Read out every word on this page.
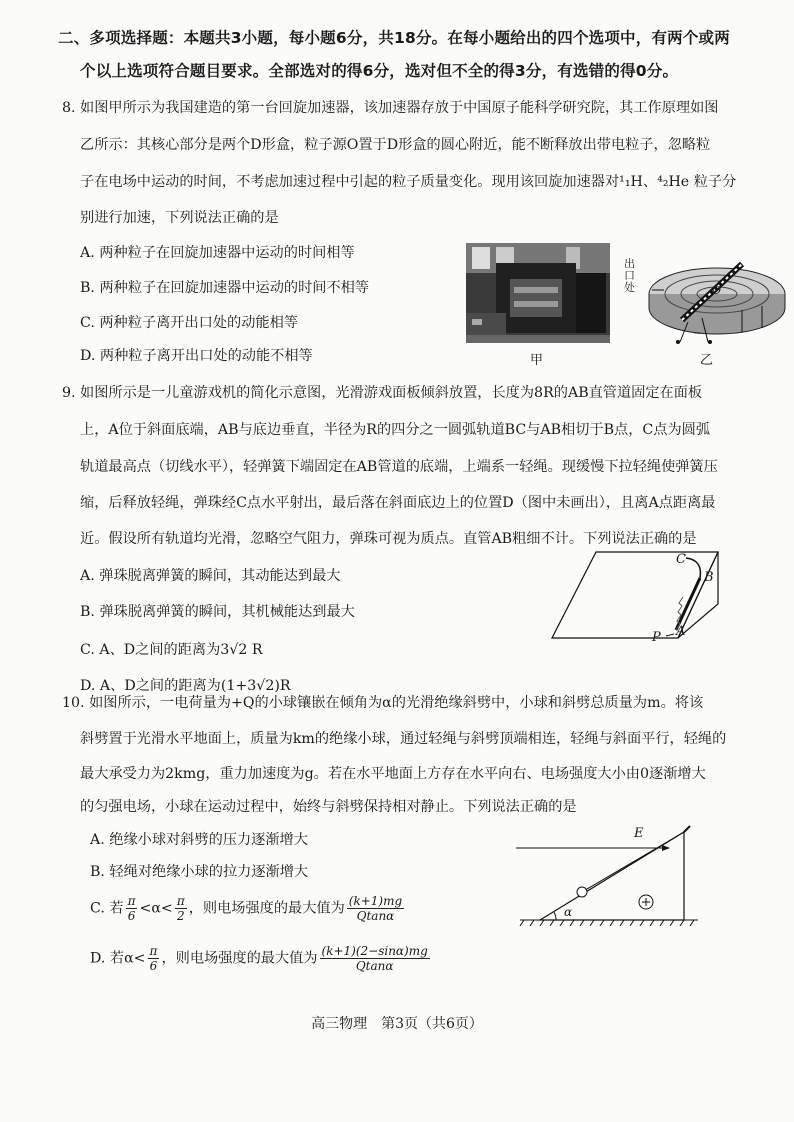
二、多项选择题：本题共3小题，每小题6分，共18分。在每小题给出的四个选项中，有两个或两
个以上选项符合题目要求。全部选对的得6分，选对但不全的得3分，有选错的得0分。
8. 如图甲所示为我国建造的第一台回旋加速器，该加速器存放于中国原子能科学研究院，其工作原理如图
乙所示：其核心部分是两个D形盒，粒子源O置于D形盒的圆心附近，能不断释放出带电粒子，忽略粒
子在电场中运动的时间，不考虑加速过程中引起的粒子质量变化。现用该回旋加速器对¹₁H、⁴₂He 粒子分
别进行加速，下列说法正确的是
A. 两种粒子在回旋加速器中运动的时间相等
B. 两种粒子在回旋加速器中运动的时间不相等
C. 两种粒子离开出口处的动能相等
D. 两种粒子离开出口处的动能不相等	甲
~
出口处	O
乙
9. 如图所示是一儿童游戏机的简化示意图，光滑游戏面板倾斜放置，长度为8R的AB直管道固定在面板
上，A位于斜面底端，AB与底边垂直，半径为R的四分之一圆弧轨道BC与AB相切于B点，C点为圆弧
轨道最高点（切线水平），轻弹簧下端固定在AB管道的底端，上端系一轻绳。现缓慢下拉轻绳使弹簧压
缩，后释放轻绳，弹珠经C点水平射出，最后落在斜面底边上的位置D（图中未画出），且离A点距离最
近。假设所有轨道均光滑，忽略空气阻力，弹珠可视为质点。直管AB粗细不计。下列说法正确的是
A. 弹珠脱离弹簧的瞬间，其动能达到最大
B. 弹珠脱离弹簧的瞬间，其机械能达到最大
C. A、D之间的距离为3√2 R
D. A、D之间的距离为(1+3√2)R
C
B
A
P
10. 如图所示，一电荷量为+Q的小球镶嵌在倾角为α的光滑绝缘斜劈中，小球和斜劈总质量为m。将该
斜劈置于光滑水平地面上，质量为km的绝缘小球，通过轻绳与斜劈顶端相连，轻绳与斜面平行，轻绳的
最大承受力为2kmg，重力加速度为g。若在水平地面上方存在水平向右、电场强度大小由0逐渐增大
的匀强电场，小球在运动过程中，始终与斜劈保持相对静止。下列说法正确的是
A. 绝缘小球对斜劈的压力逐渐增大
B. 轻绳对绝缘小球的拉力逐渐增大
C. 若 $\frac{\pi}{6} <\alpha< \frac{\pi}{2}$ ，则电场强度的最大值为 $\frac{(k+1)mg}{Qtan\alpha}$
D. 若$\alpha< \frac{\pi}{6}$ ，则电场强度的最大值为 $\frac{(k+1)(2-\sin\alpha)mg}{Qtan\alpha}$
E
α
高三物理　第3页（共6页）
